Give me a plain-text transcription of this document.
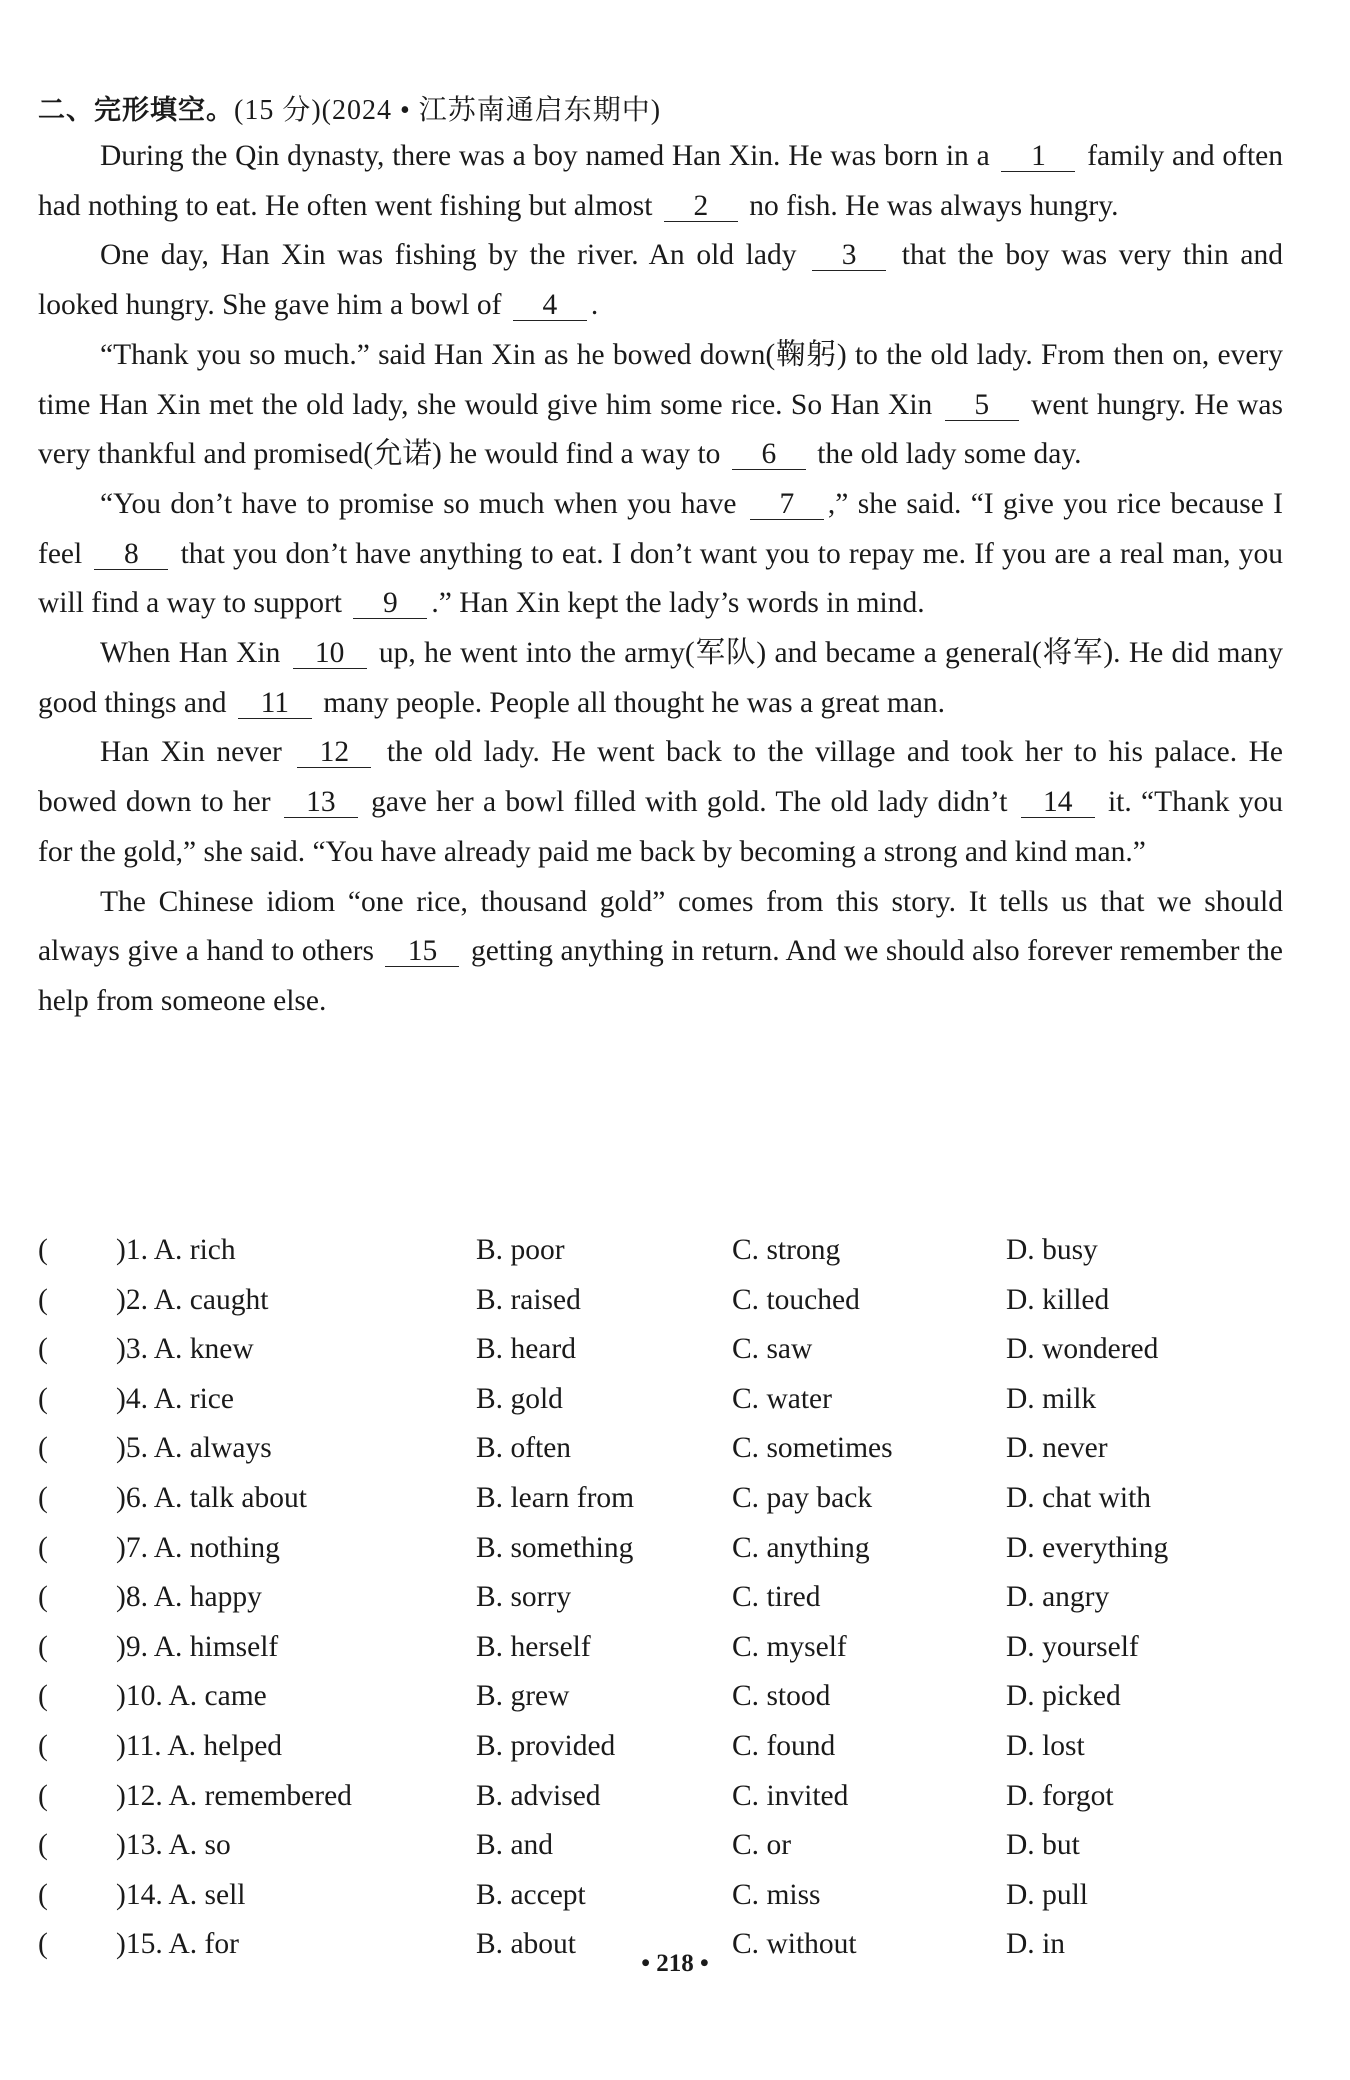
二、完形填空。(15 分)(2024 • 江苏南通启东期中)

During the Qin dynasty, there was a boy named Han Xin. He was born in a 1 family and often had nothing to eat. He often went fishing but almost 2 no fish. He was always hungry.

One day, Han Xin was fishing by the river. An old lady 3 that the boy was very thin and looked hungry. She gave him a bowl of 4 .

“Thank you so much.” said Han Xin as he bowed down(鞠躬) to the old lady. From then on, every time Han Xin met the old lady, she would give him some rice. So Han Xin 5 went hungry. He was very thankful and promised(允诺) he would find a way to 6 the old lady some day.

“You don’t have to promise so much when you have 7 ,” she said. “I give you rice because I feel 8 that you don’t have anything to eat. I don’t want you to repay me. If you are a real man, you will find a way to support 9 .” Han Xin kept the lady’s words in mind.

When Han Xin 10 up, he went into the army(军队) and became a general(将军). He did many good things and 11 many people. People all thought he was a great man.

Han Xin never 12 the old lady. He went back to the village and took her to his palace. He bowed down to her 13 gave her a bowl filled with gold. The old lady didn’t 14 it. “Thank you for the gold,” she said. “You have already paid me back by becoming a strong and kind man.”

The Chinese idiom “one rice, thousand gold” comes from this story. It tells us that we should always give a hand to others 15 getting anything in return. And we should also forever remember the help from someone else.

( )1. A. rich	B. poor	C. strong	D. busy
( )2. A. caught	B. raised	C. touched	D. killed
( )3. A. knew	B. heard	C. saw	D. wondered
( )4. A. rice	B. gold	C. water	D. milk
( )5. A. always	B. often	C. sometimes	D. never
( )6. A. talk about	B. learn from	C. pay back	D. chat with
( )7. A. nothing	B. something	C. anything	D. everything
( )8. A. happy	B. sorry	C. tired	D. angry
( )9. A. himself	B. herself	C. myself	D. yourself
( )10. A. came	B. grew	C. stood	D. picked
( )11. A. helped	B. provided	C. found	D. lost
( )12. A. remembered	B. advised	C. invited	D. forgot
( )13. A. so	B. and	C. or	D. but
( )14. A. sell	B. accept	C. miss	D. pull
( )15. A. for	B. about	C. without	D. in
• 218 •
